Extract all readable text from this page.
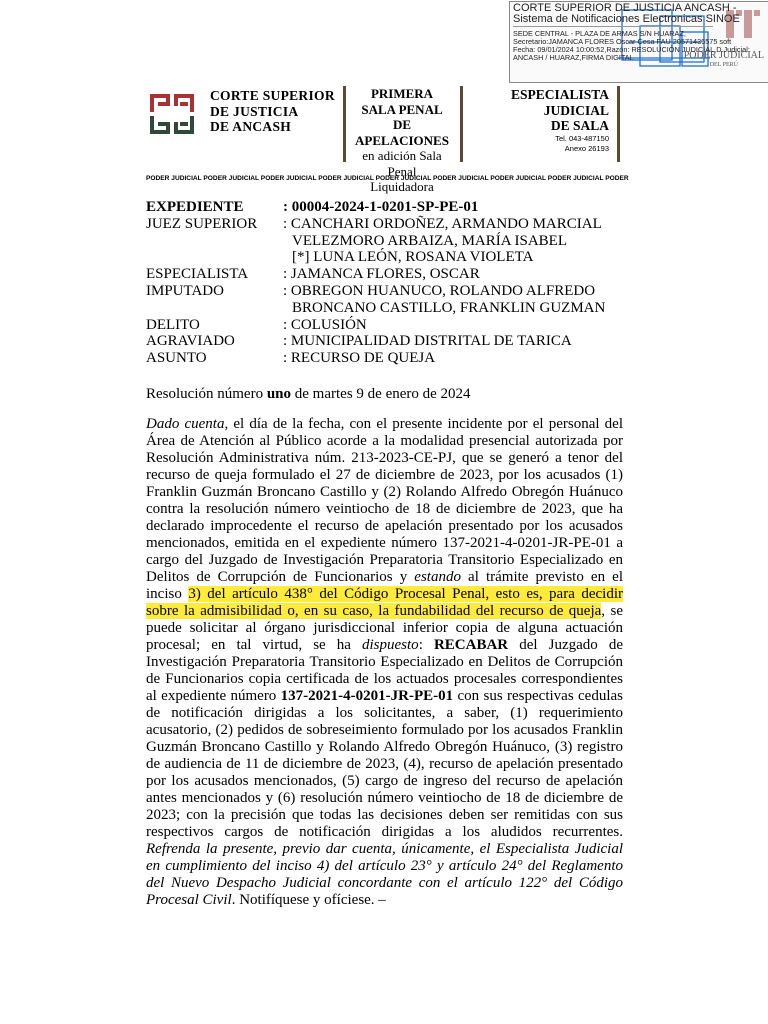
CORTE SUPERIOR DE JUSTICIA ANCASH -
Sistema de Notificaciones Electronicas SINOE
SEDE CENTRAL - PLAZA DE ARMAS S/N HUARAZ,
Secretario:JAMANCA FLORES Oscar Cesa FAU 20571436575 soft
Fecha: 09/01/2024 10:00:52,Razón: RESOLUCIÓN JUDICIAL,D.Judicial:
ANCASH / HUARAZ,FIRMA DIGITAL	PODER JUDICIAL
DEL PERÚ
CORTE SUPERIOR
DE JUSTICIA
DE ANCASH
PRIMERA
SALA PENAL
DE APELACIONES
en adición Sala Penal
Liquidadora
ESPECIALISTA
JUDICIAL
DE SALA
Tel. 043-487150
Anexo 26193
PODER JUDICIAL PODER JUDICIAL PODER JUDICIAL PODER JUDICIAL PODER JUDICIAL PODER JUDICIAL PODER JUDICIAL PODER JUDICIAL PODER
EXPEDIENTE	: 00004-2024-1-0201-SP-PE-01
JUEZ SUPERIOR : CANCHARI ORDOÑEZ, ARMANDO MARCIAL
VELEZMORO ARBAIZA, MARÍA ISABEL
[*] LUNA LEÓN, ROSANA VIOLETA
ESPECIALISTA : JAMANCA FLORES, OSCAR
IMPUTADO	: OBREGON HUANUCO, ROLANDO ALFREDO
BRONCANO CASTILLO, FRANKLIN GUZMAN
DELITO	: COLUSIÓN
AGRAVIADO	: MUNICIPALIDAD DISTRITAL DE TARICA
ASUNTO	: RECURSO DE QUEJA
Resolución número uno de martes 9 de enero de 2024

Dado cuenta, el día de la fecha, con el presente incidente por el personal del Área de Atención al Público acorde a la modalidad presencial autorizada por Resolución Administrativa núm. 213-2023-CE-PJ, que se generó a tenor del recurso de queja formulado el 27 de diciembre de 2023, por los acusados (1) Franklin Guzmán Broncano Castillo y (2) Rolando Alfredo Obregón Huánuco contra la resolución número veintiocho de 18 de diciembre de 2023, que ha declarado improcedente el recurso de apelación presentado por los acusados mencionados, emitida en el expediente número 137-2021-4-0201-JR-PE-01 a cargo del Juzgado de Investigación Preparatoria Transitorio Especializado en Delitos de Corrupción de Funcionarios y estando al trámite previsto en el inciso 3) del artículo 438° del Código Procesal Penal, esto es, para decidir sobre la admisibilidad o, en su caso, la fundabilidad del recurso de queja, se puede solicitar al órgano jurisdiccional inferior copia de alguna actuación procesal; en tal virtud, se ha dispuesto: RECABAR del Juzgado de Investigación Preparatoria Transitorio Especializado en Delitos de Corrupción de Funcionarios copia certificada de los actuados procesales correspondientes al expediente número 137-2021-4-0201-JR-PE-01 con sus respectivas cedulas de notificación dirigidas a los solicitantes, a saber, (1) requerimiento acusatorio, (2) pedidos de sobreseimiento formulado por los acusados Franklin Guzmán Broncano Castillo y Rolando Alfredo Obregón Huánuco, (3) registro de audiencia de 11 de diciembre de 2023, (4), recurso de apelación presentado por los acusados mencionados, (5) cargo de ingreso del recurso de apelación antes mencionados y (6) resolución número veintiocho de 18 de diciembre de 2023; con la precisión que todas las decisiones deben ser remitidas con sus respectivos cargos de notificación dirigidas a los aludidos recurrentes. Refrenda la presente, previo dar cuenta, únicamente, el Especialista Judicial en cumplimiento del inciso 4) del artículo 23° y artículo 24° del Reglamento del Nuevo Despacho Judicial concordante con el artículo 122° del Código Procesal Civil. Notifíquese y ofíciese. –
